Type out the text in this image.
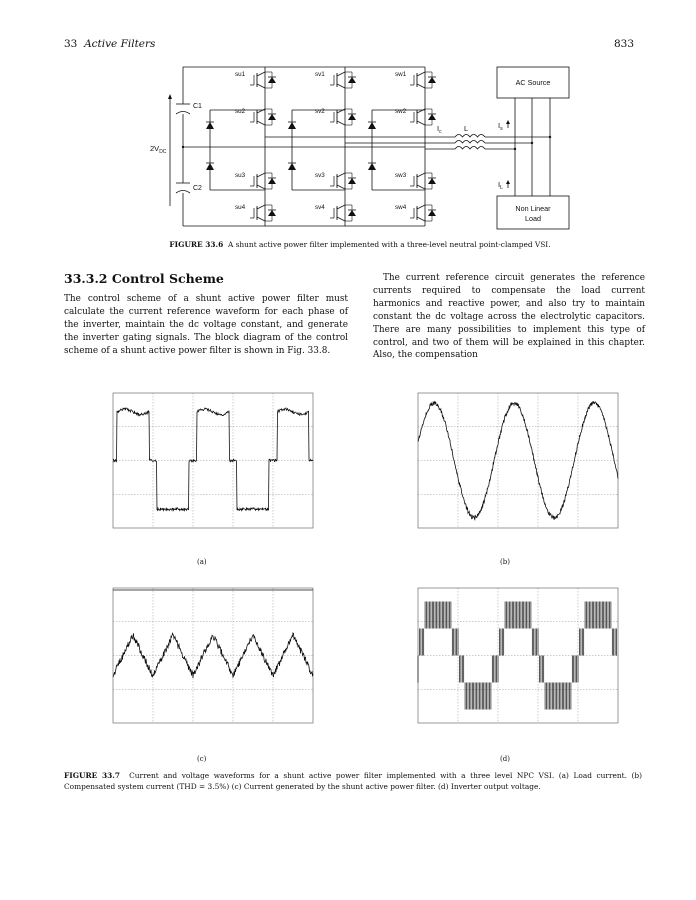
33 Active Filters	833
su1	sv1	sw1
su2	sv2	sw2
su3	sv3	sw3
su4	sv4	sw4
C1
C2
$2V_{DC}$
L
$I_c$
$I_s$
$I_L$
AC Source
Non Linear
Load
FIGURE 33.6 A shunt active power filter implemented with a three-level neutral point-clamped VSI.
33.3.2 Control Scheme
The control scheme of a shunt active power filter must calculate the current reference waveform for each phase of the inverter, maintain the dc voltage constant, and generate the inverter gating signals. The block diagram of the control scheme of a shunt active power filter is shown in Fig. 33.8.
The current reference circuit generates the reference currents required to compensate the load current harmonics and reactive power, and also try to maintain constant the dc voltage across the electrolytic capacitors. There are many possibilities to implement this type of control, and two of them will be explained in this chapter. Also, the compensation
(a)	(b)
(c)	(d)
FIGURE 33.7 Current and voltage waveforms for a shunt active power filter implemented with a three level NPC VSI. (a) Load current. (b) Compensated system current (THD = 3.5%) (c) Current generated by the shunt active power filter. (d) Inverter output voltage.
